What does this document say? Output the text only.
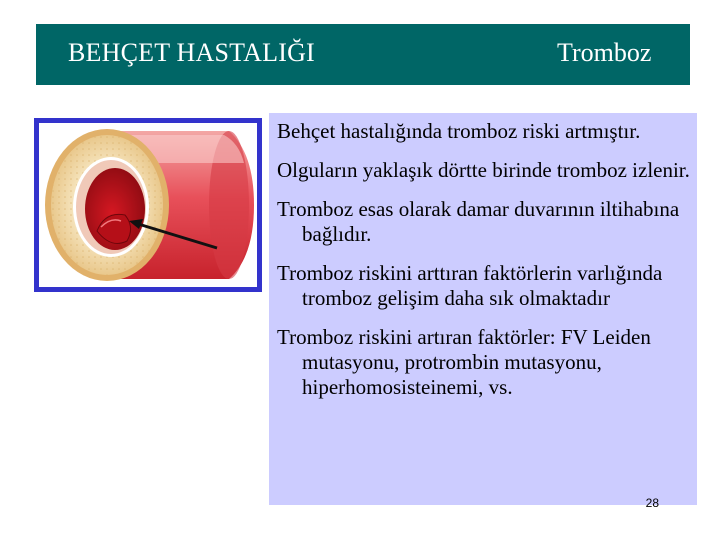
BEHÇET HASTALIĞI	Tromboz
Behçet hastalığında tromboz riski artmıştır.
Olguların yaklaşık dörtte birinde tromboz izlenir.
Tromboz esas olarak damar duvarının iltihabına bağlıdır.
Tromboz riskini arttıran faktörlerin varlığında tromboz gelişim daha sık olmaktadır
Tromboz riskini artıran faktörler: FV Leiden mutasyonu, protrombin mutasyonu, hiperhomosisteinemi, vs.
28
